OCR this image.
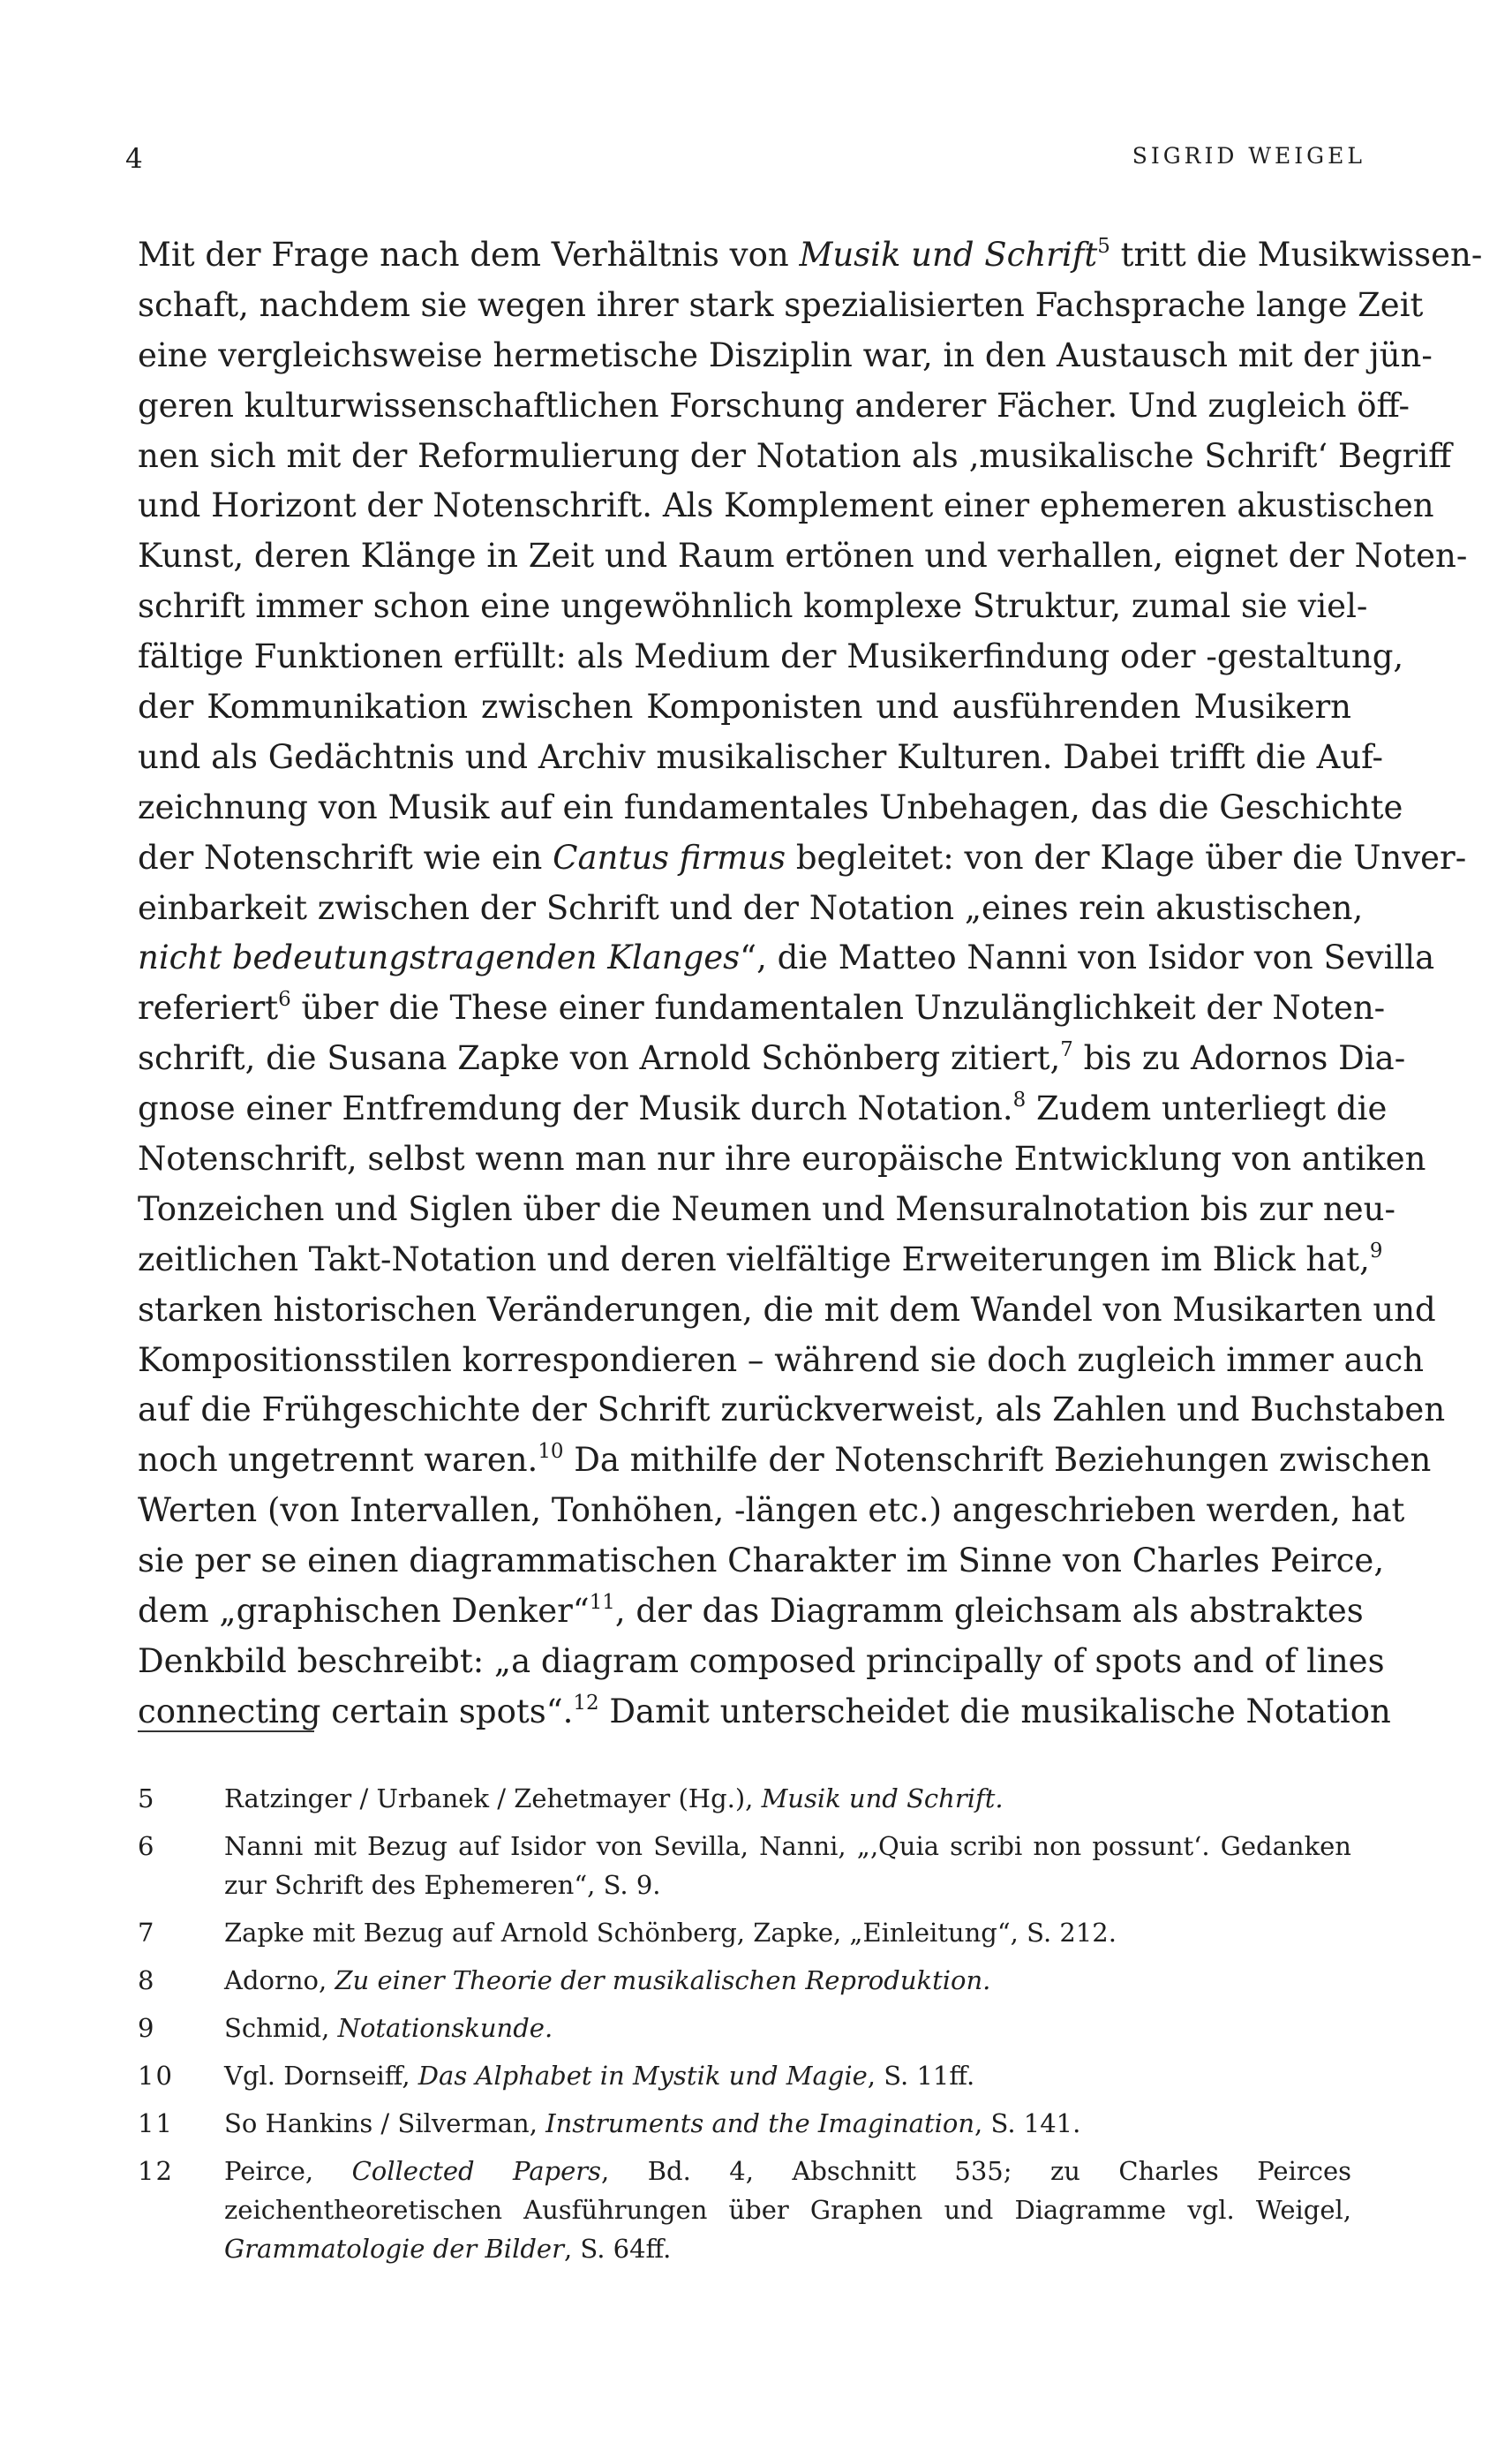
4	SIGRID WEIGEL
Mit der Frage nach dem Verhältnis von Musik und Schrift$^5$ tritt die Musikwissen-
schaft, nachdem sie wegen ihrer stark spezialisierten Fachsprache lange Zeit
eine vergleichsweise hermetische Disziplin war, in den Austausch mit der jün-
geren kulturwissenschaftlichen Forschung anderer Fächer. Und zugleich öff-
nen sich mit der Reformulierung der Notation als ‚musikalische Schrift‘ Begriff
und Horizont der Notenschrift. Als Komplement einer ephemeren akustischen
Kunst, deren Klänge in Zeit und Raum ertönen und verhallen, eignet der Noten-
schrift immer schon eine ungewöhnlich komplexe Struktur, zumal sie viel-
fältige Funktionen erfüllt: als Medium der Musikerfindung oder -gestaltung,
der Kommunikation zwischen Komponisten und ausführenden Musikern
und als Gedächtnis und Archiv musikalischer Kulturen. Dabei trifft die Auf-
zeichnung von Musik auf ein fundamentales Unbehagen, das die Geschichte
der Notenschrift wie ein Cantus firmus begleitet: von der Klage über die Unver-
einbarkeit zwischen der Schrift und der Notation „eines rein akustischen,
nicht bedeutungstragenden Klanges“, die Matteo Nanni von Isidor von Sevilla
referiert$^6$ über die These einer fundamentalen Unzulänglichkeit der Noten-
schrift, die Susana Zapke von Arnold Schönberg zitiert,$^7$ bis zu Adornos Dia-
gnose einer Entfremdung der Musik durch Notation.$^8$ Zudem unterliegt die
Notenschrift, selbst wenn man nur ihre europäische Entwicklung von antiken
Tonzeichen und Siglen über die Neumen und Mensuralnotation bis zur neu-
zeitlichen Takt-Notation und deren vielfältige Erweiterungen im Blick hat,$^9$
starken historischen Veränderungen, die mit dem Wandel von Musikarten und
Kompositionsstilen korrespondieren – während sie doch zugleich immer auch
auf die Frühgeschichte der Schrift zurückverweist, als Zahlen und Buchstaben
noch ungetrennt waren.$^{10}$ Da mithilfe der Notenschrift Beziehungen zwischen
Werten (von Intervallen, Tonhöhen, -längen etc.) angeschrieben werden, hat
sie per se einen diagrammatischen Charakter im Sinne von Charles Peirce,
dem „graphischen Denker“$^{11}$, der das Diagramm gleichsam als abstraktes
Denkbild beschreibt: „a diagram composed principally of spots and of lines
connecting certain spots“.$^{12}$ Damit unterscheidet die musikalische Notation
5	Ratzinger / Urbanek / Zehetmayer (Hg.), Musik und Schrift.
6	Nanni mit Bezug auf Isidor von Sevilla, Nanni, „‚Quia scribi non possunt‘. Gedanken zur Schrift des Ephemeren“, S. 9.
7	Zapke mit Bezug auf Arnold Schönberg, Zapke, „Einleitung“, S. 212.
8	Adorno, Zu einer Theorie der musikalischen Reproduktion.
9	Schmid, Notationskunde.
10	Vgl. Dornseiff, Das Alphabet in Mystik und Magie, S. 11ff.
11	So Hankins / Silverman, Instruments and the Imagination, S. 141.
12	Peirce, Collected Papers, Bd. 4, Abschnitt 535; zu Charles Peirces zeichentheoretischen Ausführungen über Graphen und Diagramme vgl. Weigel, Grammatologie der Bilder, S. 64ff.
